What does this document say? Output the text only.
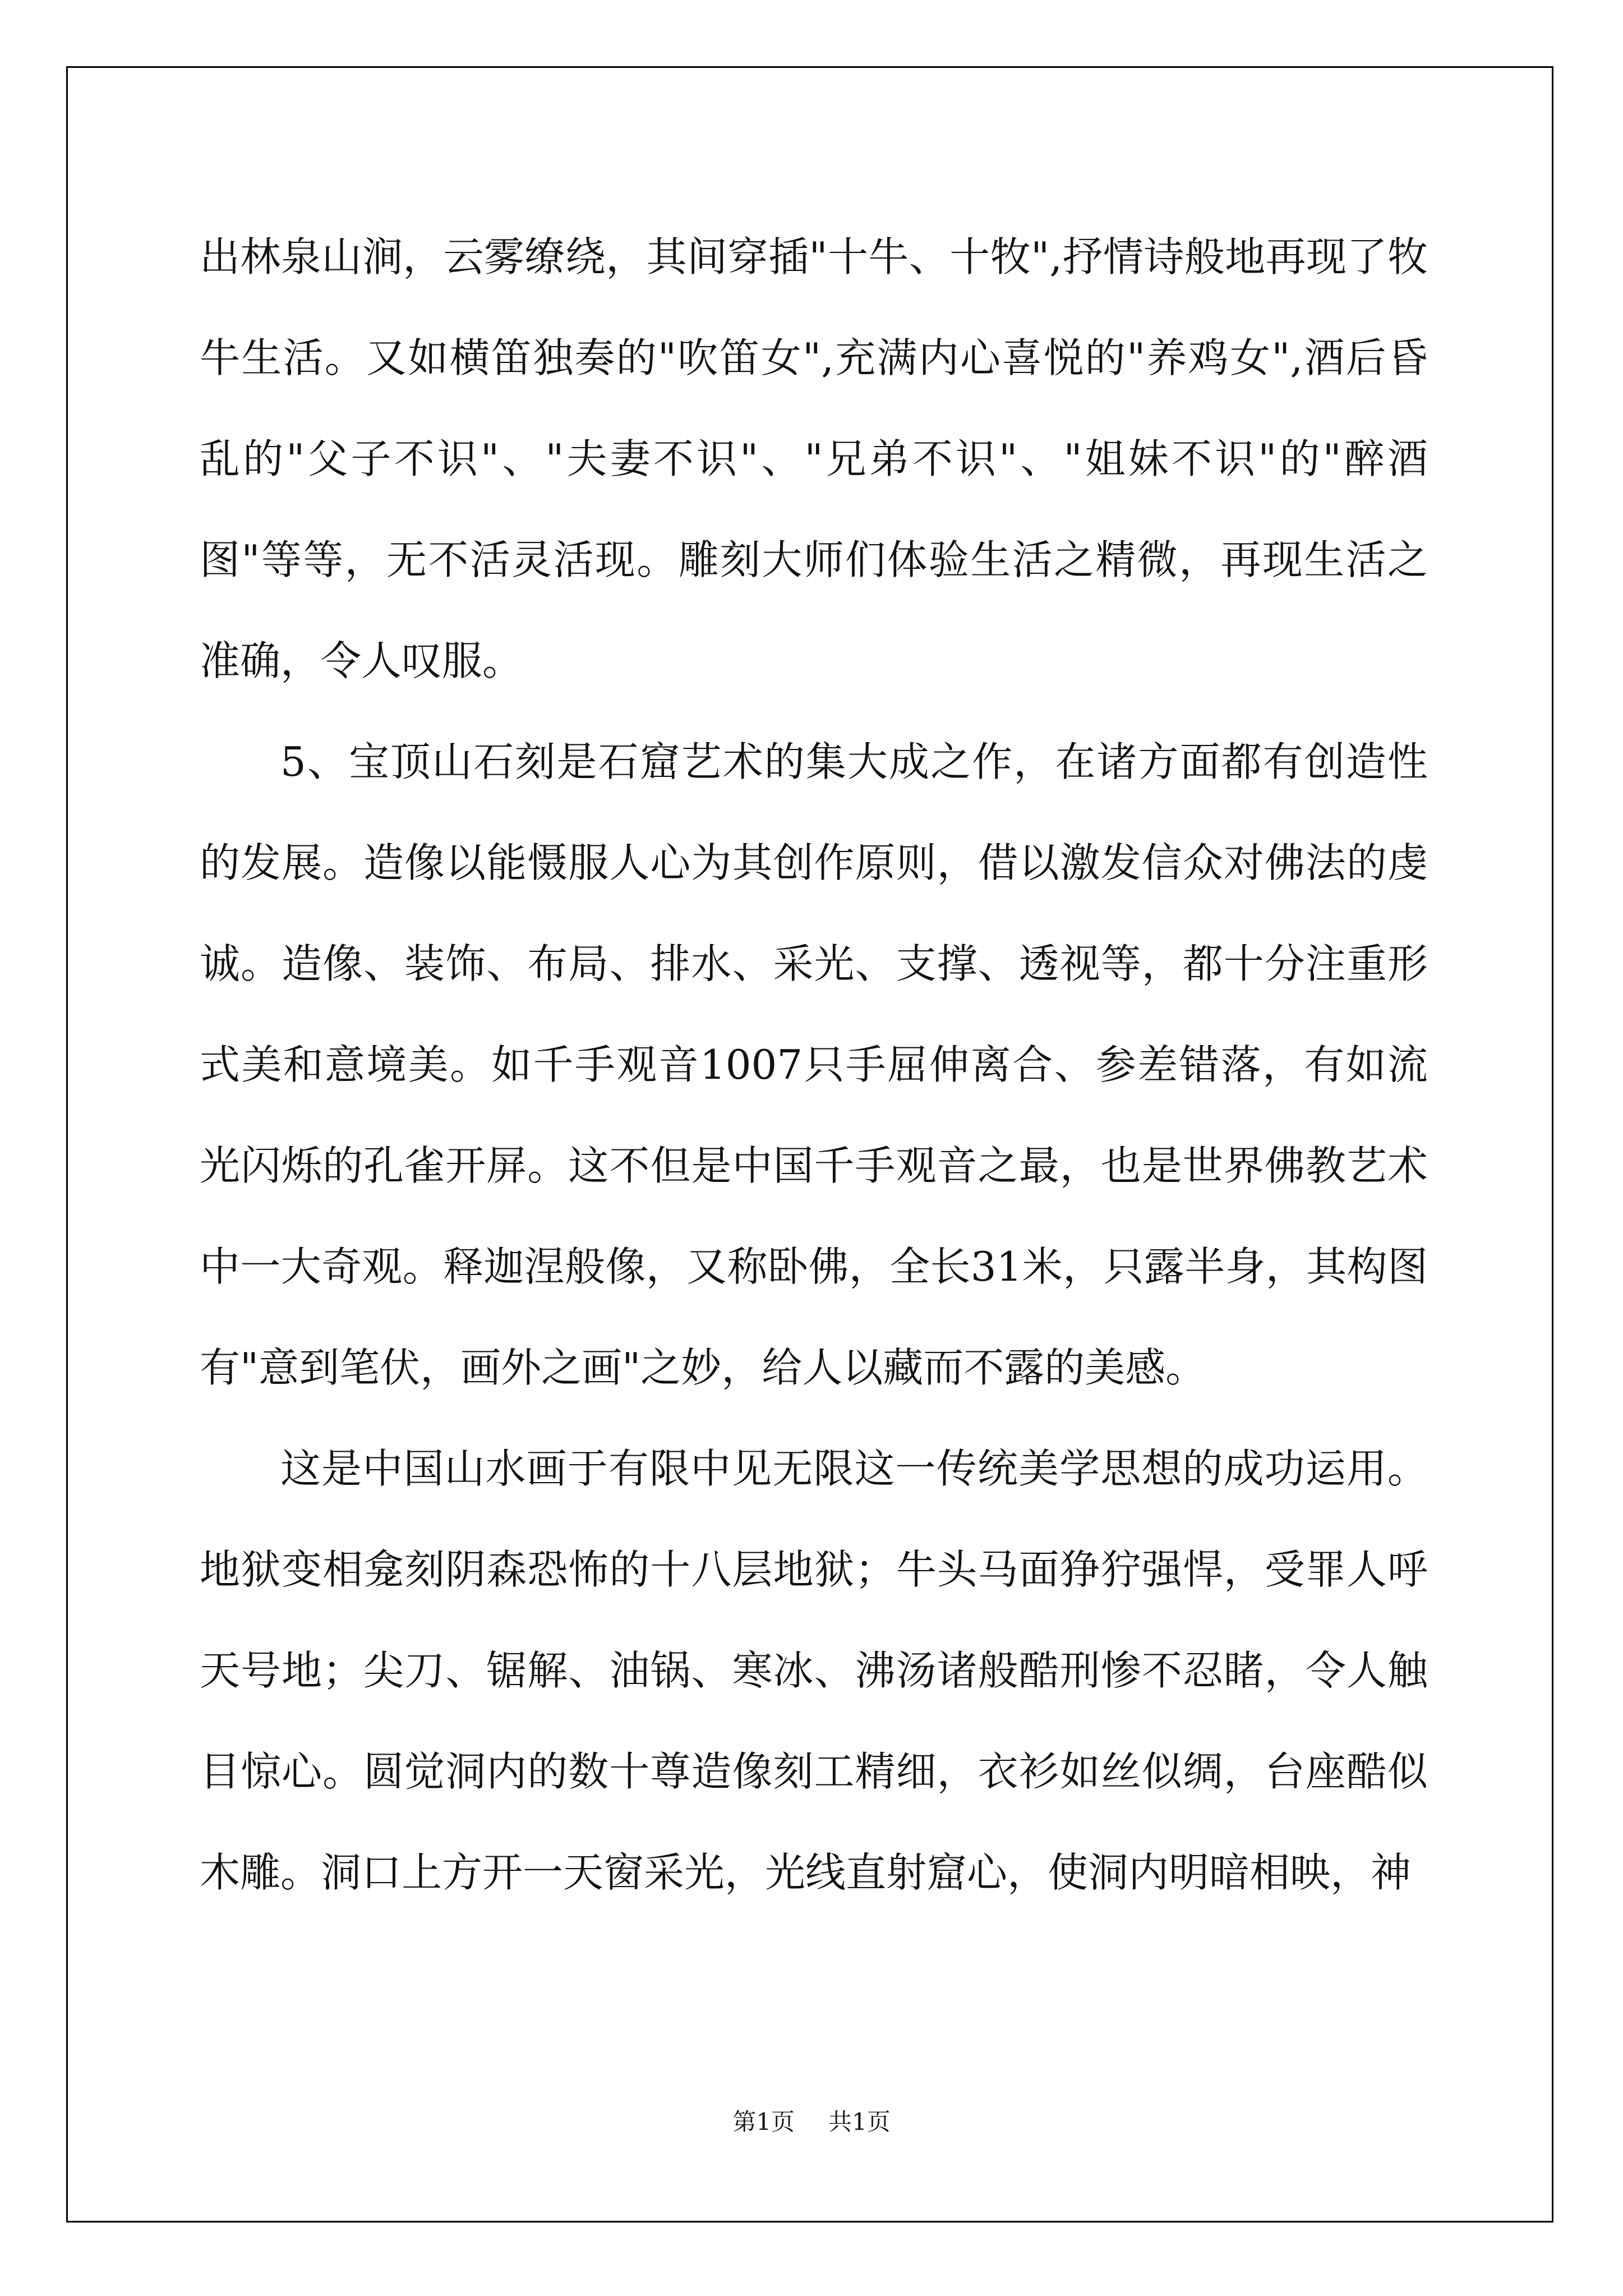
出林泉山涧，云雾缭绕，其间穿插"十牛、十牧",抒情诗般地再现了牧牛生活。又如横笛独奏的"吹笛女",充满内心喜悦的"养鸡女",酒后昏乱的"父子不识"、"夫妻不识"、"兄弟不识"、"姐妹不识"的"醉酒图"等等，无不活灵活现。雕刻大师们体验生活之精微，再现生活之准确，令人叹服。

5、宝顶山石刻是石窟艺术的集大成之作，在诸方面都有创造性的发展。造像以能慑服人心为其创作原则，借以激发信众对佛法的虔诚。造像、装饰、布局、排水、采光、支撑、透视等，都十分注重形式美和意境美。如千手观音1007只手屈伸离合、参差错落，有如流光闪烁的孔雀开屏。这不但是中国千手观音之最，也是世界佛教艺术中一大奇观。释迦涅般像，又称卧佛，全长31米，只露半身，其构图有"意到笔伏，画外之画"之妙，给人以藏而不露的美感。

这是中国山水画于有限中见无限这一传统美学思想的成功运用。地狱变相龛刻阴森恐怖的十八层地狱；牛头马面狰狞强悍，受罪人呼天号地；尖刀、锯解、油锅、寒冰、沸汤诸般酷刑惨不忍睹，令人触目惊心。圆觉洞内的数十尊造像刻工精细，衣衫如丝似绸，台座酷似木雕。洞口上方开一天窗采光，光线直射窟心，使洞内明暗相映，神

第1页 共1页
